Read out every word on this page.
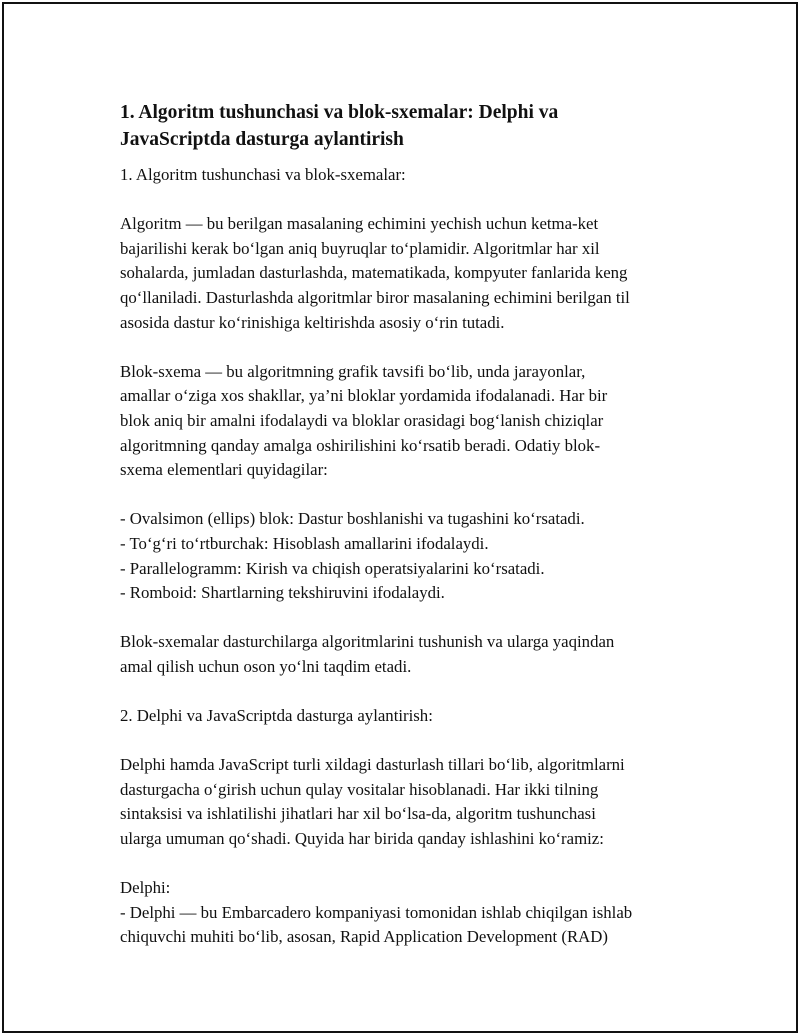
1. Algoritm tushunchasi va blok-sxemalar: Delphi va
JavaScriptda dasturga aylantirish
1. Algoritm tushunchasi va blok-sxemalar:
Algoritm — bu berilgan masalaning echimini yechish uchun ketma-ket
bajarilishi kerak bo‘lgan aniq buyruqlar to‘plamidir. Algoritmlar har xil
sohalarda, jumladan dasturlashda, matematikada, kompyuter fanlarida keng
qo‘llaniladi. Dasturlashda algoritmlar biror masalaning echimini berilgan til
asosida dastur ko‘rinishiga keltirishda asosiy o‘rin tutadi.
Blok-sxema — bu algoritmning grafik tavsifi bo‘lib, unda jarayonlar,
amallar o‘ziga xos shakllar, ya’ni bloklar yordamida ifodalanadi. Har bir
blok aniq bir amalni ifodalaydi va bloklar orasidagi bog‘lanish chiziqlar
algoritmning qanday amalga oshirilishini ko‘rsatib beradi. Odatiy blok-
sxema elementlari quyidagilar:
- Ovalsimon (ellips) blok: Dastur boshlanishi va tugashini ko‘rsatadi.
- To‘g‘ri to‘rtburchak: Hisoblash amallarini ifodalaydi.
- Parallelogramm: Kirish va chiqish operatsiyalarini ko‘rsatadi.
- Romboid: Shartlarning tekshiruvini ifodalaydi.
Blok-sxemalar dasturchilarga algoritmlarini tushunish va ularga yaqindan
amal qilish uchun oson yo‘lni taqdim etadi.
2. Delphi va JavaScriptda dasturga aylantirish:
Delphi hamda JavaScript turli xildagi dasturlash tillari bo‘lib, algoritmlarni
dasturgacha o‘girish uchun qulay vositalar hisoblanadi. Har ikki tilning
sintaksisi va ishlatilishi jihatlari har xil bo‘lsa-da, algoritm tushunchasi
ularga umuman qo‘shadi. Quyida har birida qanday ishlashini ko‘ramiz:
Delphi:
- Delphi — bu Embarcadero kompaniyasi tomonidan ishlab chiqilgan ishlab
chiquvchi muhiti bo‘lib, asosan, Rapid Application Development (RAD)
